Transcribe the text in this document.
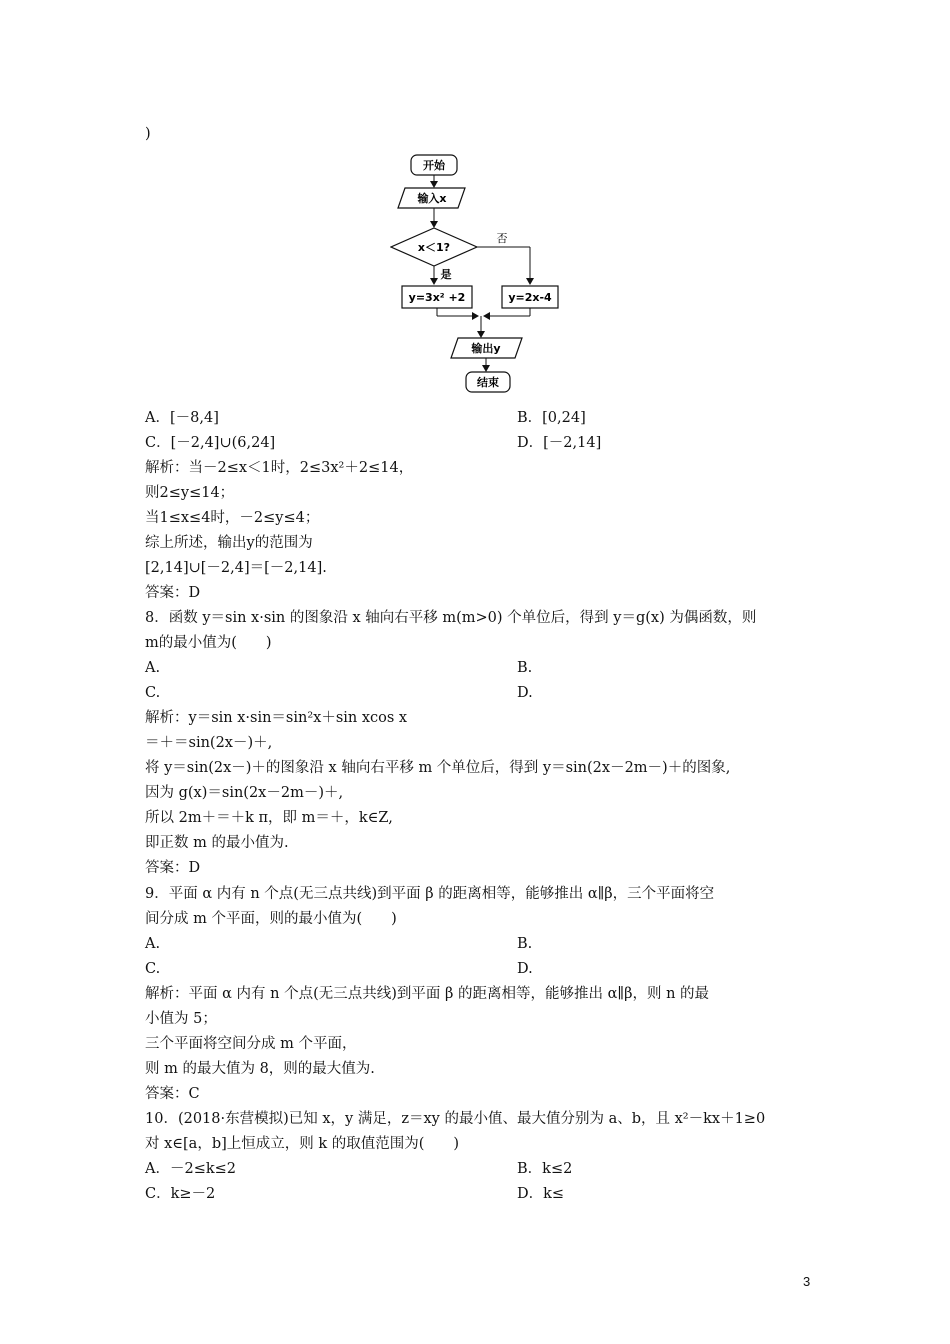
)
开始
输入x
x＜1?
否
是
y=3x² +2	y=2x-4
输出y
结束
A．[－8,4]	B．[0,24]
C．[－2,4]∪(6,24]	D．[－2,14]
解析：当－2≤x＜1时，2≤3x²＋2≤14，
则2≤y≤14；
当1≤x≤4时，－2≤y≤4；
综上所述，输出y的范围为
[2,14]∪[－2,4]＝[－2,14].
答案：D
8．函数 y＝sin x·sin 的图象沿 x 轴向右平移 m(m>0) 个单位后，得到 y＝g(x) 为偶函数，则
m的最小值为(　　)
A.	B.
C.	D.
解析：y＝sin x·sin＝sin²x＋sin xcos x
＝＋＝sin(2x－)＋,
将 y＝sin(2x－)＋的图象沿 x 轴向右平移 m 个单位后，得到 y＝sin(2x－2m－)＋的图象,
因为 g(x)＝sin(2x－2m－)＋,
所以 2m＋＝＋k π，即 m＝＋，k∈Z,
即正数 m 的最小值为.
答案：D
9．平面 α 内有 n 个点(无三点共线)到平面 β 的距离相等，能够推出 α∥β，三个平面将空
间分成 m 个平面，则的最小值为(　　)
A.	B.
C.	D.
解析：平面 α 内有 n 个点(无三点共线)到平面 β 的距离相等，能够推出 α∥β，则 n 的最
小值为 5；
三个平面将空间分成 m 个平面，
则 m 的最大值为 8，则的最大值为.
答案：C
10．(2018·东营模拟)已知 x，y 满足，z＝xy 的最小值、最大值分别为 a、b，且 x²－kx＋1≥0
对 x∈[a，b]上恒成立，则 k 的取值范围为(　　)
A．－2≤k≤2	B．k≤2
C．k≥－2	D．k≤
3
